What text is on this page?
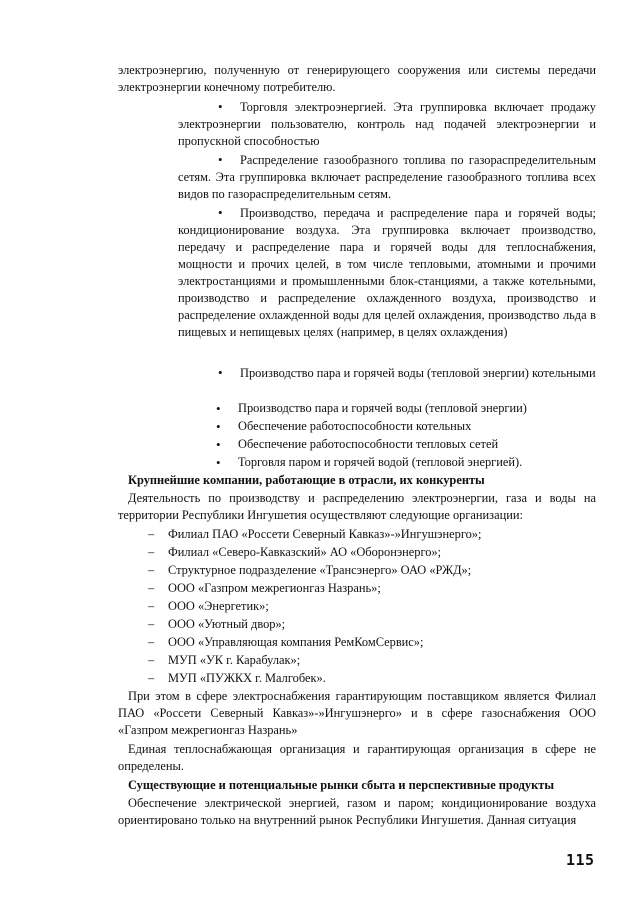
электроэнергию, полученную от генерирующего сооружения или системы передачи электроэнергии конечному потребителю.

•Торговля электроэнергией. Эта группировка включает продажу электроэнергии пользователю, контроль над подачей электроэнергии и пропускной способностью

•Распределение газообразного топлива по газораспределительным сетям. Эта группировка включает распределение газообразного топлива всех видов по газораспределительным сетям.

•Производство, передача и распределение пара и горячей воды; кондиционирование воздуха. Эта группировка включает производство, передачу и распределение пара и горячей воды для теплоснабжения, мощности и прочих целей, в том числе тепловыми, атомными и прочими электростанциями и промышленными блок-станциями, а также котельными, производство и распределение охлажденного воздуха, производство и распределение охлажденной воды для целей охлаждения, производство льда в пищевых и непищевых целях (например, в целях охлаждения)

•Производство пара и горячей воды (тепловой энергии) котельными

•
Производство пара и горячей воды (тепловой энергии)

•
Обеспечение работоспособности котельных

•
Обеспечение работоспособности тепловых сетей

•
Торговля паром и горячей водой (тепловой энергией).

Крупнейшие компании, работающие в отрасли, их конкуренты

Деятельность по производству и распределению электроэнергии, газа и воды на территории Республики Ингушетия осуществляют следующие организации:

– Филиал ПАО «Россети Северный Кавказ»-»Ингушэнерго»;

– Филиал «Северо-Кавказский» АО «Оборонэнерго»;

– Структурное подразделение «Трансэнерго» ОАО «РЖД»;

– ООО «Газпром межрегионгаз Назрань»;

– ООО «Энергетик»;

– ООО «Уютный двор»;

– ООО «Управляющая компания РемКомСервис»;

– МУП «УК г. Карабулак»;

– МУП «ПУЖКХ г. Малгобек».

При этом в сфере электроснабжения гарантирующим поставщиком является Филиал ПАО «Россети Северный Кавказ»-»Ингушэнерго» и в сфере газоснабжения ООО «Газпром межрегионгаз Назрань»

Единая теплоснабжающая организация и гарантирующая организация в сфере не определены.

Существующие и потенциальные рынки сбыта и перспективные продукты

Обеспечение электрической энергией, газом и паром; кондиционирование воздуха ориентировано только на внутренний рынок Республики Ингушетия. Данная ситуация

115
